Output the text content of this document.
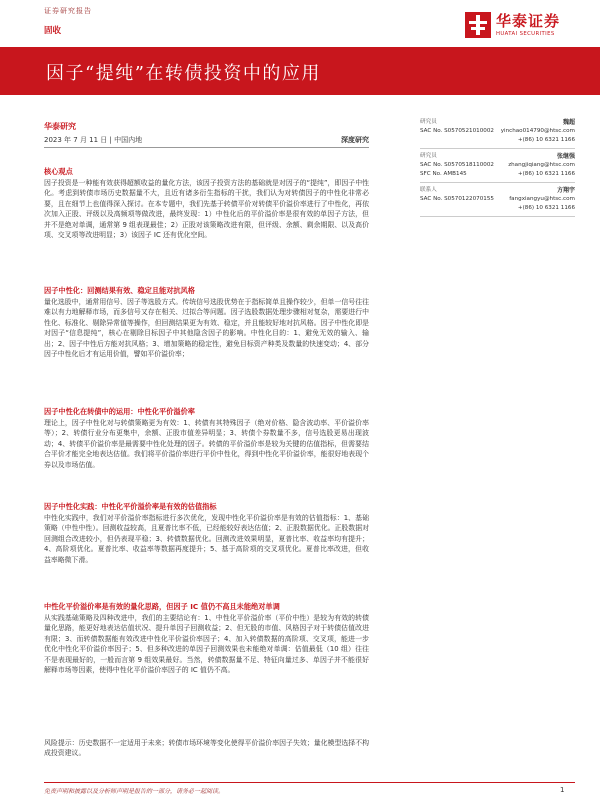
证券研究报告
固收
华泰证券
HUATAI SECURITIES
因子“提纯”在转债投资中的应用
华泰研究
2023 年 7 月 11 日 | 中国内地	深度研究
研究员	魏超
SAC No. S0570521010002 yinchao014790@htsc.com
+(86) 10 6321 1166
研究员	张继强
SAC No. S0570518110002	zhangjiqiang@htsc.com
SFC No. AMB145	+(86) 10 6321 1166
联系人	方翔宇
SAC No. S0570122070155	fangxiangyu@htsc.com
+(86) 10 6321 1166
核心观点

因子投资是一种能有效获得超额收益的量化方法，该因子投资方法的基础就是对因子的“提纯”，即因子中性化。考虑到转债市场历史数据量不大，且近有诸多衍生指标的干扰，我们认为对转债因子的中性化非常必要，且在细节上也值得深入探讨。在本专题中，我们先基于转债平价对转债平价溢价率进行了中性化，再依次加入正股、评级以及高频项等做改进，最终发现：1）中性化后的平价溢价率是很有效的单因子方法，但并不是绝对单调，通常第 9 组表现最佳；2）正股对该策略改进有限，但评级、余额、剩余期限、以及高价项、交叉项等改进明显；3）该因子 IC 还有优化空间。

因子中性化：回测结果有效、稳定且能对抗风格

量化选股中，通常用信号、因子等选股方式。传统信号选股优势在于指标简单且操作较少，但单一信号往往难以有力地解释市场，而多信号又存在相关、过拟合等问题。因子选股数据处理步骤相对复杂，需要进行中性化、标准化、剔除异常值等操作，但回测结果更为有效、稳定，并且能较好地对抗风格。因子中性化即是对因子“信息提纯”，核心在剔除目标因子中其他隐含因子的影响。中性化目的：1、避免无效的输入、输出；2、因子中性后方能对抗风格；3、增加策略的稳定性，避免目标资产种类及数量的快速变动；4、部分因子中性化后才有运用价值，譬如平价溢价率；

因子中性化在转债中的运用：中性化平价溢价率

理论上，因子中性化对与转债策略更为有效：1、转债有其特殊因子（绝对价格、隐含波动率、平价溢价率等）；2、转债行业分布更集中，余额、正股市值差异明显；3、转债个券数量不多，信号选股更易出现波动；4、转债平价溢价率是最需要中性化处理的因子。转债的平价溢价率是较为关键的估值指标，但需要结合平价才能完全地表达估值。我们将平价溢价率进行平价中性化，得到中性化平价溢价率，能很好地表现个券以及市场估值。

因子中性化实践：中性化平价溢价率是有效的估值指标

中性化实践中，我们对平价溢价率指标进行多次优化，发现中性化平价溢价率是有效的估值指标：1、基础策略（中性中性）。回测收益较高，且夏普比率不低，已经能较好表达估值；2、正股数据优化。正股数据对回测组合改进较小，但仍表现平稳；3、转债数据优化。回测改进效果明显，夏普比率、收益率均有提升；4、高阶项优化。夏普比率、收益率等数据再度提升；5、基于高阶项的交叉项优化。夏普比率改进，但收益率略微下滑。

中性化平价溢价率是有效的量化思路，但因子 IC 值仍不高且未能绝对单调

从实践基础策略及四种改进中，我们的主要结论有：1、中性化平价溢价率（平价中性）是较为有效的转债量化思路，能更好地表达估值状况、提升单因子回测收益；2、但无股的市值、风格因子对于转债估值改进有限；3、而转债数据能有效改进中性化平价溢价率因子；4、加入转债数据的高阶项、交叉项，能进一步优化中性化平价溢价率因子；5、但多种改进的单因子回测效果也未能绝对单调：估值最低（10 组）往往不是表现最好的，一般而言第 9 组效果最好。当然，转债数据量不足、特征向量过多、单因子并不能很好解释市场等因素，使得中性化平价溢价率因子的 IC 值仍不高。

风险提示：历史数据不一定适用于未来；转债市场环境等变化使得平价溢价率因子失效；量化模型选择不构成投资建议。

免责声明和披露以及分析师声明是报告的一部分，请务必一起阅读。	1
